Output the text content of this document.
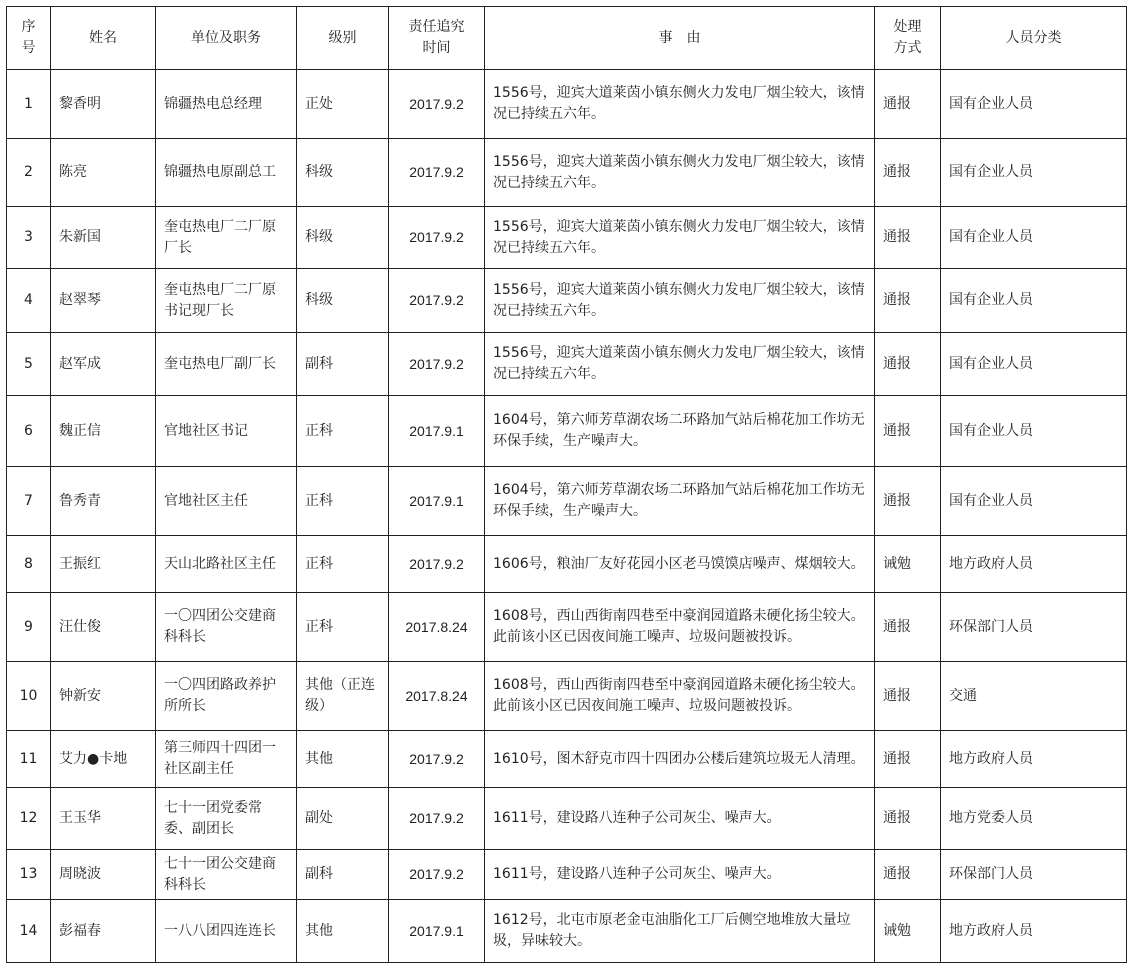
序号	姓名	单位及职务	级别	责任追究时间	事　由	处理方式	人员分类
1	黎香明	锦疆热电总经理	正处	2017.9.2	1556号，迎宾大道莱茵小镇东侧火力发电厂烟尘较大，该情况已持续五六年。	通报	国有企业人员
2	陈亮	锦疆热电原副总工	科级	2017.9.2	1556号，迎宾大道莱茵小镇东侧火力发电厂烟尘较大，该情况已持续五六年。	通报	国有企业人员
3	朱新国	奎屯热电厂二厂原厂长	科级	2017.9.2	1556号，迎宾大道莱茵小镇东侧火力发电厂烟尘较大，该情况已持续五六年。	通报	国有企业人员
4	赵翠琴	奎屯热电厂二厂原书记现厂长	科级	2017.9.2	1556号，迎宾大道莱茵小镇东侧火力发电厂烟尘较大，该情况已持续五六年。	通报	国有企业人员
5	赵军成	奎屯热电厂副厂长	副科	2017.9.2	1556号，迎宾大道莱茵小镇东侧火力发电厂烟尘较大，该情况已持续五六年。	通报	国有企业人员
6	魏正信	官地社区书记	正科	2017.9.1	1604号，第六师芳草湖农场二环路加气站后棉花加工作坊无环保手续，生产噪声大。	通报	国有企业人员
7	鲁秀青	官地社区主任	正科	2017.9.1	1604号，第六师芳草湖农场二环路加气站后棉花加工作坊无环保手续，生产噪声大。	通报	国有企业人员
8	王振红	天山北路社区主任	正科	2017.9.2	1606号，粮油厂友好花园小区老马馍馍店噪声、煤烟较大。	诫勉	地方政府人员
9	汪仕俊	一〇四团公交建商科科长	正科	2017.8.24	1608号，西山西街南四巷至中豪润园道路未硬化扬尘较大。此前该小区已因夜间施工噪声、垃圾问题被投诉。	通报	环保部门人员
10	钟新安	一〇四团路政养护所所长	其他（正连级）	2017.8.24	1608号，西山西街南四巷至中豪润园道路未硬化扬尘较大。此前该小区已因夜间施工噪声、垃圾问题被投诉。	通报	交通
11	艾力●卡地	第三师四十四团一社区副主任	其他	2017.9.2	1610号，图木舒克市四十四团办公楼后建筑垃圾无人清理。	通报	地方政府人员
12	王玉华	七十一团党委常委、副团长	副处	2017.9.2	1611号，建设路八连种子公司灰尘、噪声大。	通报	地方党委人员
13	周晓波	七十一团公交建商科科长	副科	2017.9.2	1611号，建设路八连种子公司灰尘、噪声大。	通报	环保部门人员
14	彭福春	一八八团四连连长	其他	2017.9.1	1612号，北屯市原老金屯油脂化工厂后侧空地堆放大量垃圾，异味较大。	诫勉	地方政府人员
